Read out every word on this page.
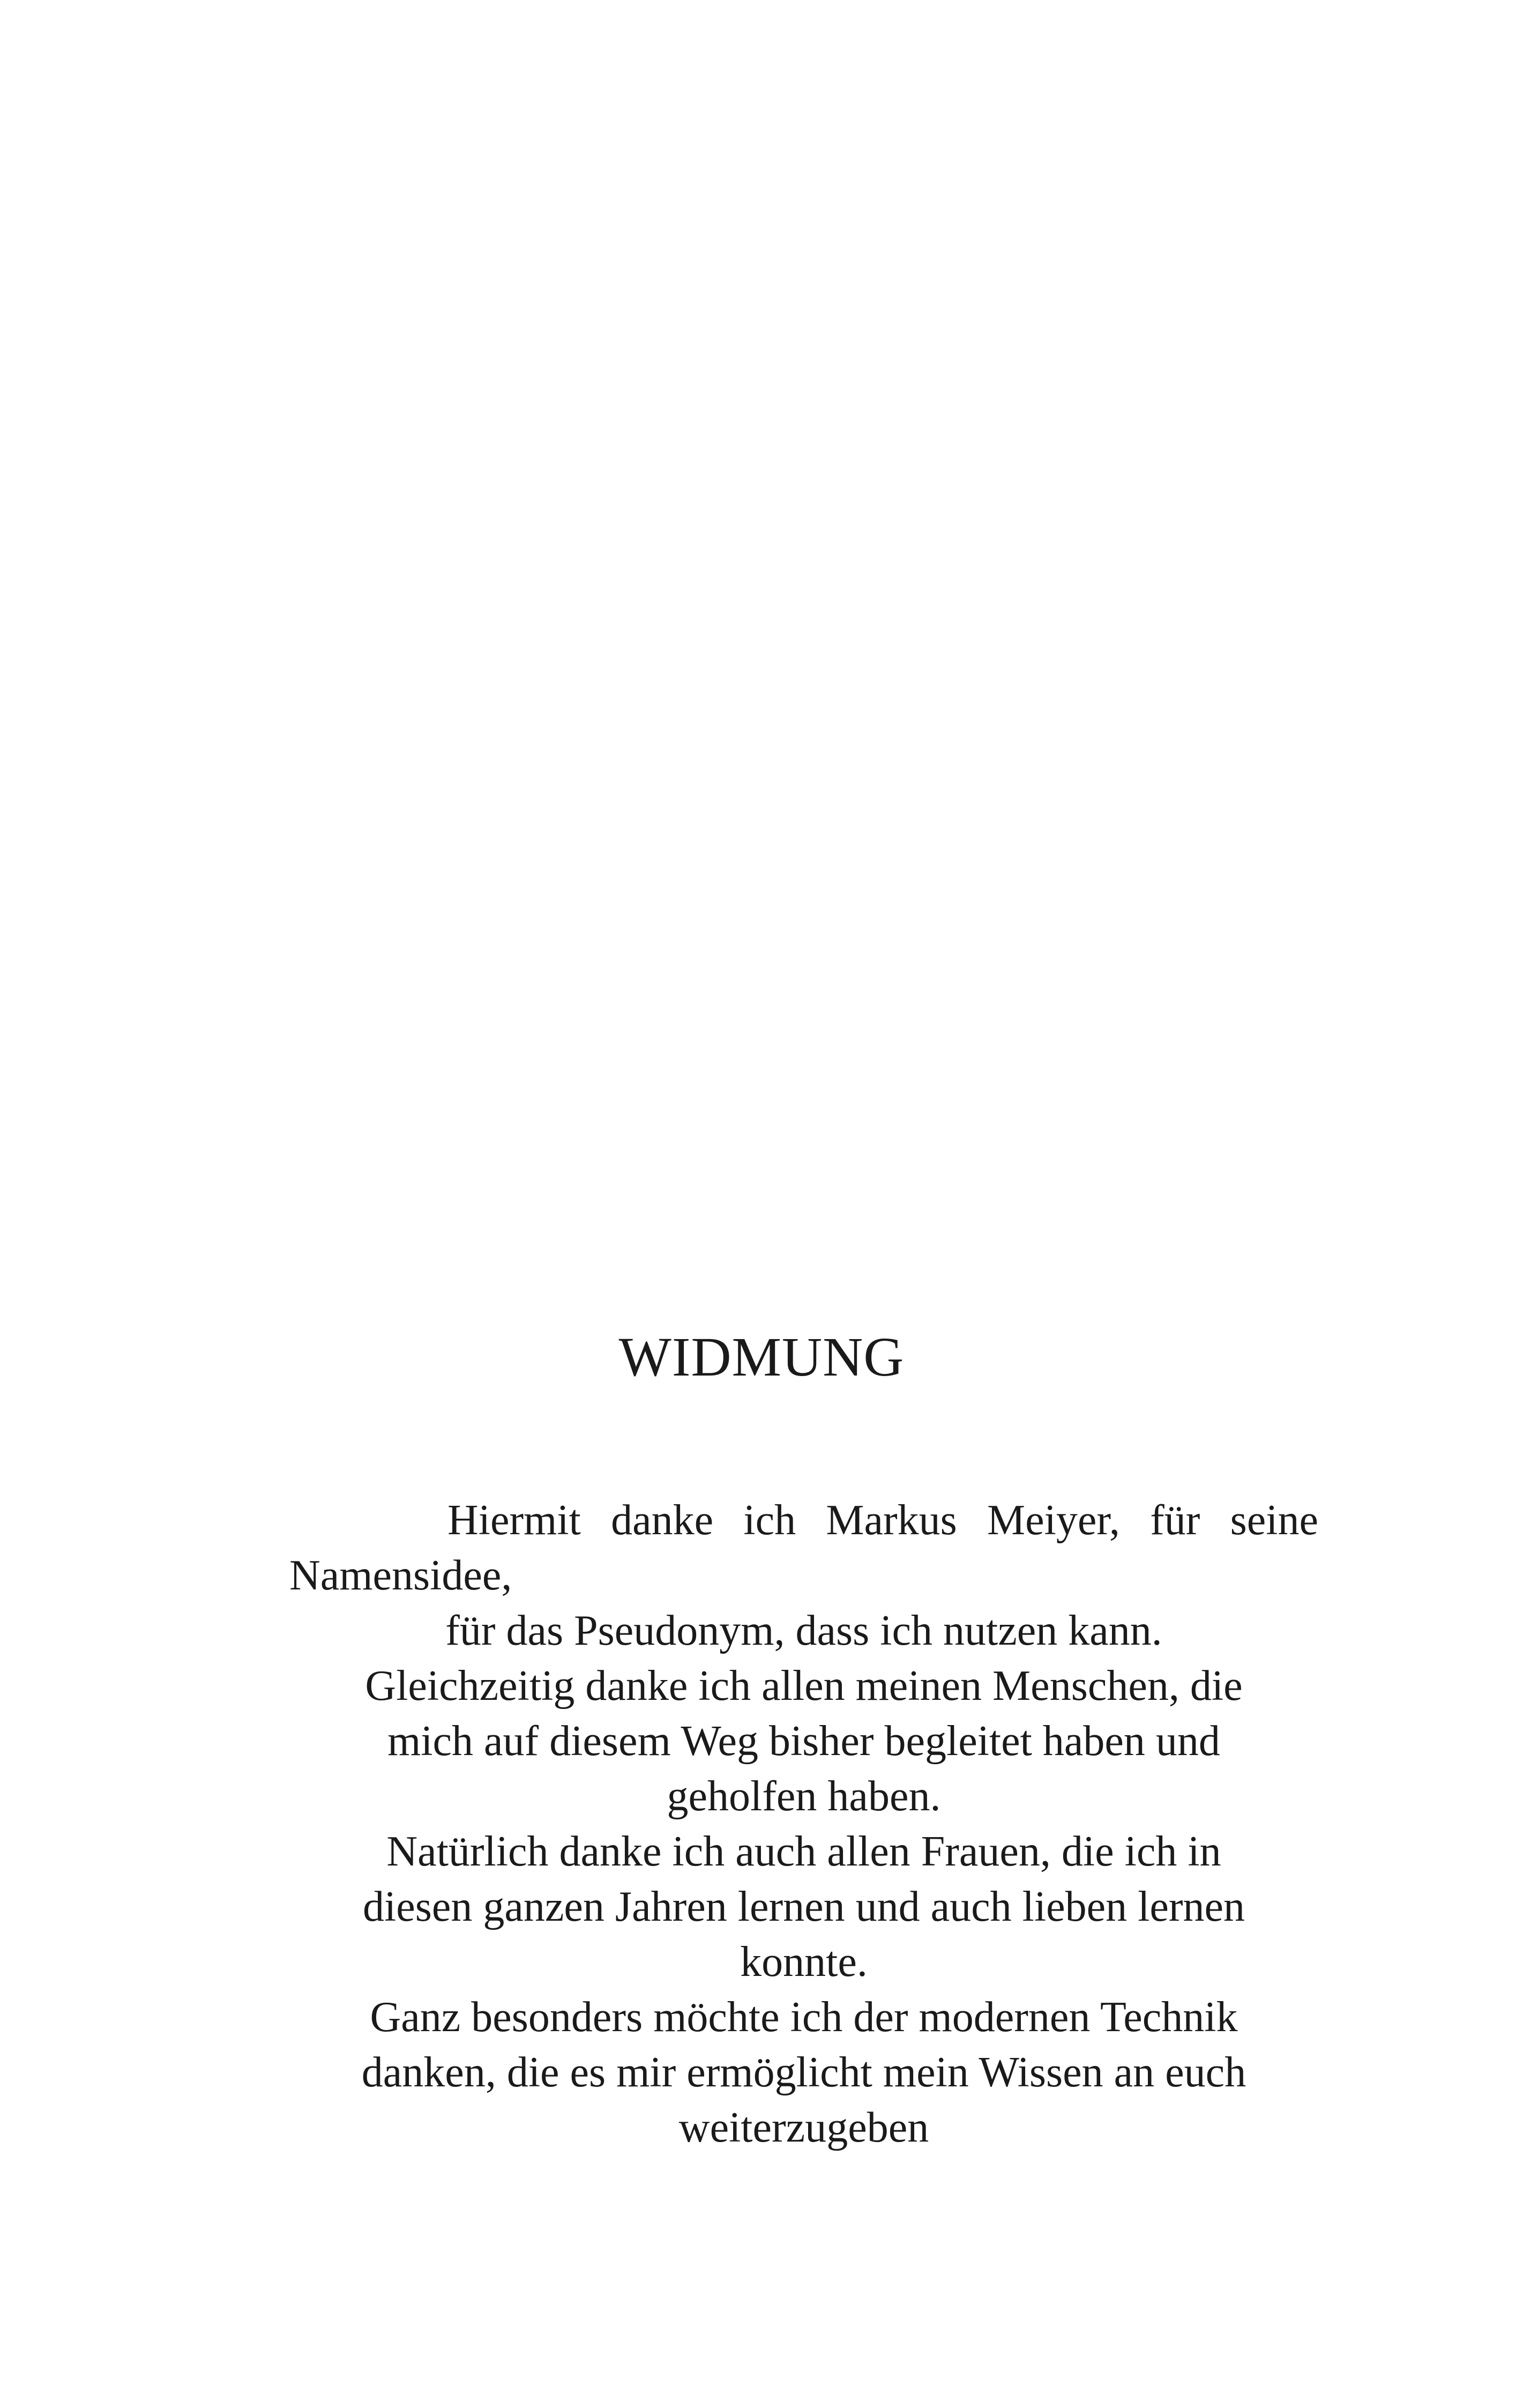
WIDMUNG
Hiermit danke ich Markus Meiyer, für seine
Namensidee,
für das Pseudonym, dass ich nutzen kann.
Gleichzeitig danke ich allen meinen Menschen, die
mich auf diesem Weg bisher begleitet haben und
geholfen haben.
Natürlich danke ich auch allen Frauen, die ich in
diesen ganzen Jahren lernen und auch lieben lernen
konnte.
Ganz besonders möchte ich der modernen Technik
danken, die es mir ermöglicht mein Wissen an euch
weiterzugeben
